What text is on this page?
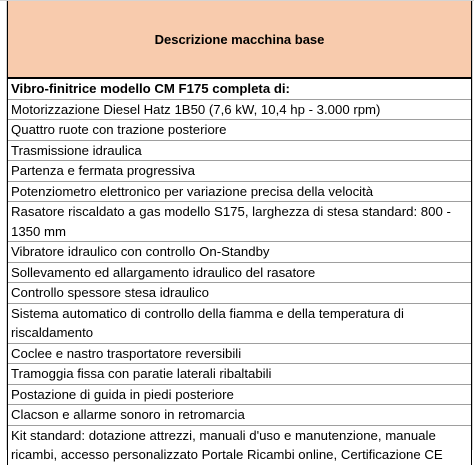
Descrizione macchina base
Vibro-finitrice modello CM F175 completa di:
Motorizzazione Diesel Hatz 1B50 (7,6 kW, 10,4 hp - 3.000 rpm)
Quattro ruote con trazione posteriore
Trasmissione idraulica
Partenza e fermata progressiva
Potenziometro elettronico per variazione precisa della velocità
Rasatore riscaldato a gas modello S175, larghezza di stesa standard: 800 -
1350 mm
Vibratore idraulico con controllo On-Standby
Sollevamento ed allargamento idraulico del rasatore
Controllo spessore stesa idraulico
Sistema automatico di controllo della fiamma e della temperatura di
riscaldamento
Coclee e nastro trasportatore reversibili
Tramoggia fissa con paratie laterali ribaltabili
Postazione di guida in piedi posteriore
Clacson e allarme sonoro in retromarcia
Kit standard: dotazione attrezzi, manuali d'uso e manutenzione, manuale
ricambi, accesso personalizzato Portale Ricambi online, Certificazione CE
